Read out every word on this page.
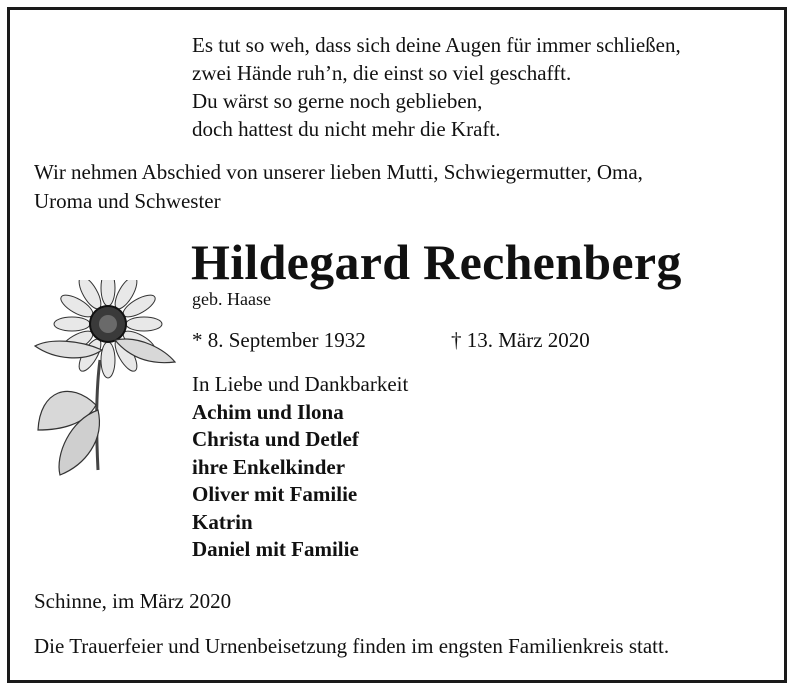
Es tut so weh, dass sich deine Augen für immer schließen,
zwei Hände ruh’n, die einst so viel geschafft.
Du wärst so gerne noch geblieben,
doch hattest du nicht mehr die Kraft.
Wir nehmen Abschied von unserer lieben Mutti, Schwiegermutter, Oma,
Uroma und Schwester
Hildegard Rechenberg
geb. Haase
* 8. September 1932	† 13. März 2020
In Liebe und Dankbarkeit
Achim und Ilona
Christa und Detlef
ihre Enkelkinder
Oliver mit Familie
Katrin
Daniel mit Familie
Schinne, im März 2020
Die Trauerfeier und Urnenbeisetzung finden im engsten Familienkreis statt.
